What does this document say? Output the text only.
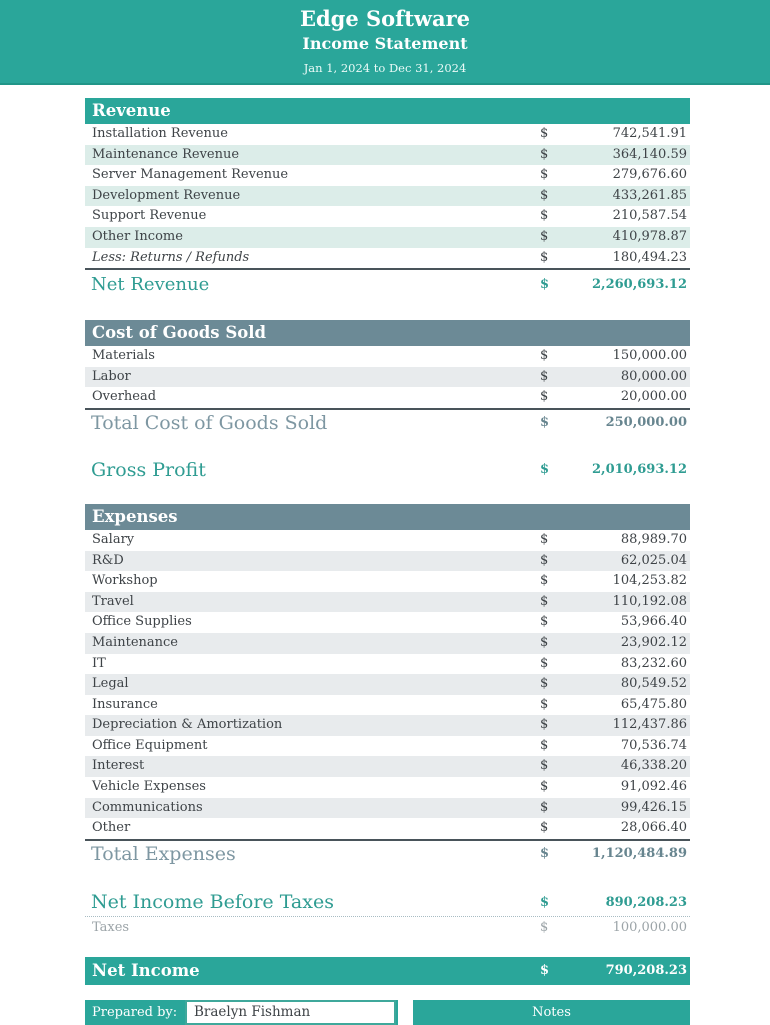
Edge Software
Income Statement
Jan 1, 2024 to Dec 31, 2024
Revenue
Installation Revenue	$	742,541.91
Maintenance Revenue	$	364,140.59
Server Management Revenue	$	279,676.60
Development Revenue	$	433,261.85
Support Revenue	$	210,587.54
Other Income	$	410,978.87
Less: Returns / Refunds	$	180,494.23
Net Revenue	$	2,260,693.12
Cost of Goods Sold
Materials	$	150,000.00
Labor	$	80,000.00
Overhead	$	20,000.00
Total Cost of Goods Sold	$	250,000.00
Gross Profit	$	2,010,693.12
Expenses
Salary	$	88,989.70
R&D	$	62,025.04
Workshop	$	104,253.82
Travel	$	110,192.08
Office Supplies	$	53,966.40
Maintenance	$	23,902.12
IT	$	83,232.60
Legal	$	80,549.52
Insurance	$	65,475.80
Depreciation & Amortization	$	112,437.86
Office Equipment	$	70,536.74
Interest	$	46,338.20
Vehicle Expenses	$	91,092.46
Communications	$	99,426.15
Other	$	28,066.40
Total Expenses	$	1,120,484.89
Net Income Before Taxes	$	890,208.23
Taxes	$	100,000.00
Net Income	$	790,208.23
Prepared by:
Braelyn Fishman	Notes
